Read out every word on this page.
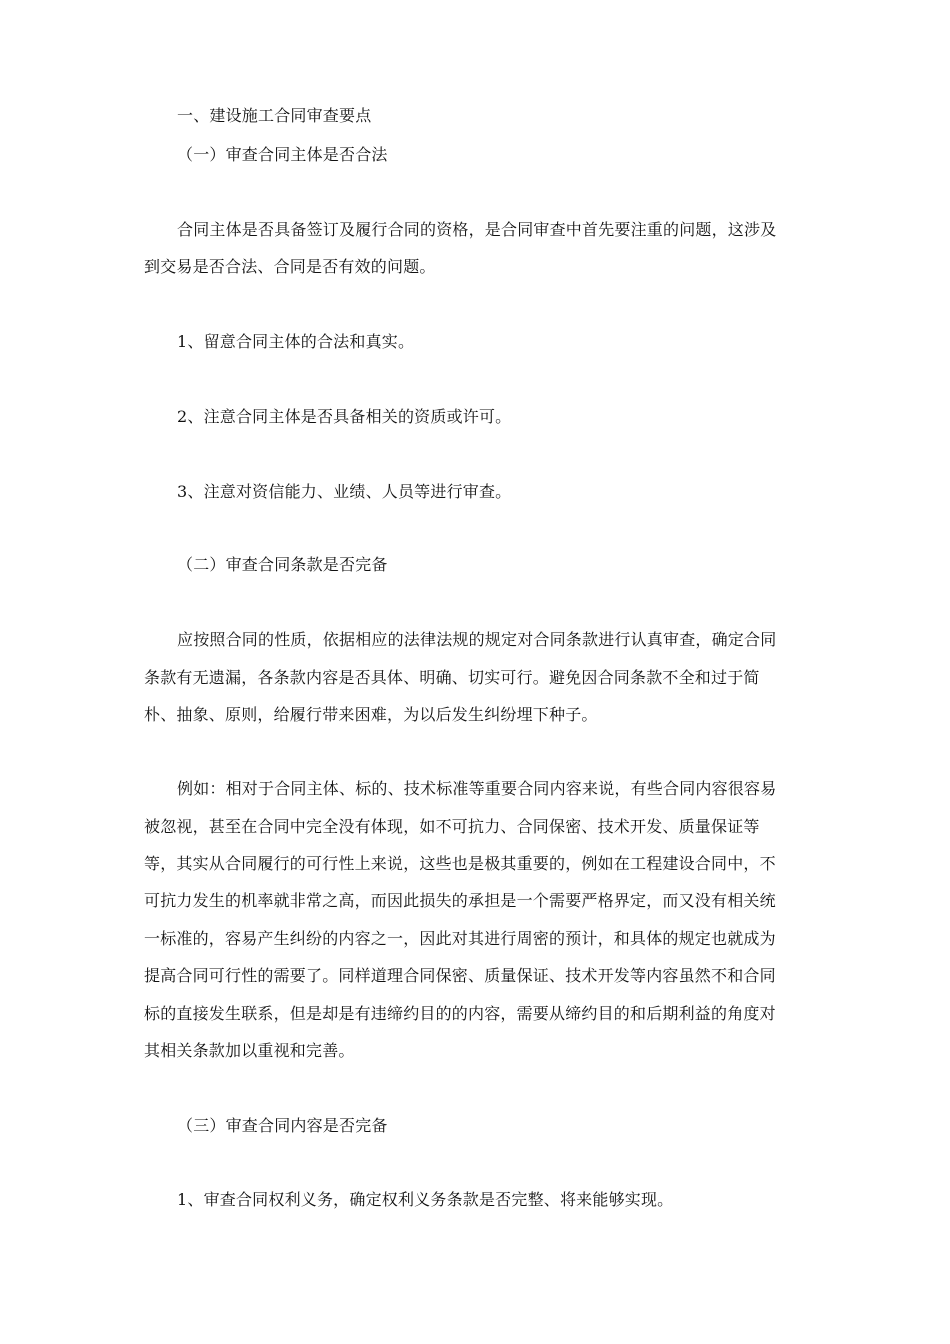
一、建设施工合同审查要点
（一）审查合同主体是否合法
合同主体是否具备签订及履行合同的资格，是合同审查中首先要注重的问题，这涉及
到交易是否合法、合同是否有效的问题。
1、留意合同主体的合法和真实。
2、注意合同主体是否具备相关的资质或许可。
3、注意对资信能力、业绩、人员等进行审查。
（二）审查合同条款是否完备
应按照合同的性质，依据相应的法律法规的规定对合同条款进行认真审查，确定合同
条款有无遗漏，各条款内容是否具体、明确、切实可行。避免因合同条款不全和过于简
朴、抽象、原则，给履行带来困难，为以后发生纠纷埋下种子。
例如：相对于合同主体、标的、技术标准等重要合同内容来说，有些合同内容很容易
被忽视，甚至在合同中完全没有体现，如不可抗力、合同保密、技术开发、质量保证等
等，其实从合同履行的可行性上来说，这些也是极其重要的，例如在工程建设合同中，不
可抗力发生的机率就非常之高，而因此损失的承担是一个需要严格界定，而又没有相关统
一标准的，容易产生纠纷的内容之一，因此对其进行周密的预计，和具体的规定也就成为
提高合同可行性的需要了。同样道理合同保密、质量保证、技术开发等内容虽然不和合同
标的直接发生联系，但是却是有违缔约目的的内容，需要从缔约目的和后期利益的角度对
其相关条款加以重视和完善。
（三）审查合同内容是否完备
1、审查合同权利义务，确定权利义务条款是否完整、将来能够实现。
